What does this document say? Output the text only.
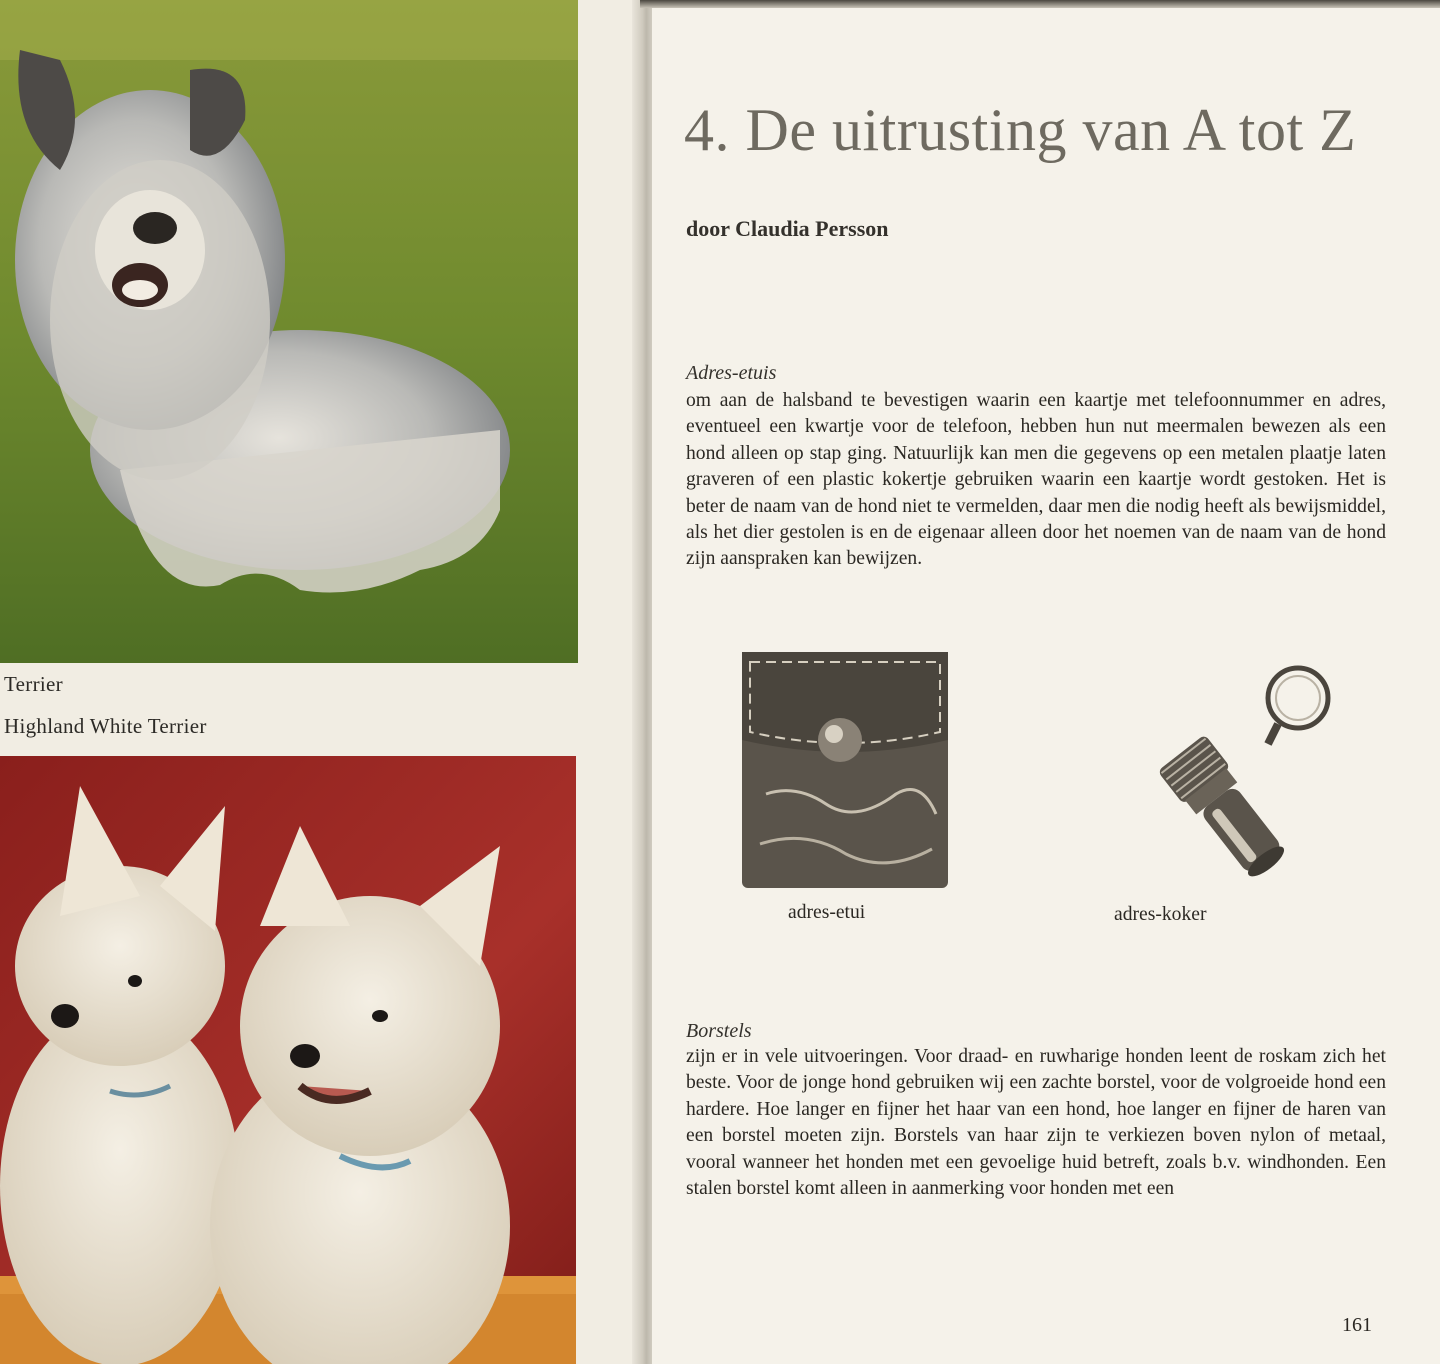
Terrier
Highland White Terrier
4. De uitrusting van A tot Z
door Claudia Persson
Adres-etuis

om aan de halsband te bevestigen waarin een kaartje met telefoonnummer en adres, eventueel een kwartje voor de telefoon, hebben hun nut meermalen bewezen als een hond alleen op stap ging. Natuurlijk kan men die gegevens op een metalen plaatje laten graveren of een plastic kokertje gebruiken waarin een kaartje wordt gestoken. Het is beter de naam van de hond niet te vermelden, daar men die nodig heeft als bewijsmiddel, als het dier gestolen is en de eigenaar alleen door het noemen van de naam van de hond zijn aanspraken kan bewijzen.

adres-etui	adres-koker
Borstels

zijn er in vele uitvoeringen. Voor draad- en ruwharige honden leent de roskam zich het beste. Voor de jonge hond gebruiken wij een zachte borstel, voor de volgroeide hond een hardere. Hoe langer en fijner het haar van een hond, hoe langer en fijner de haren van een borstel moeten zijn. Borstels van haar zijn te verkiezen boven nylon of metaal, vooral wanneer het honden met een gevoelige huid betreft, zoals b.v. windhonden. Een stalen borstel komt alleen in aanmerking voor honden met een

161
